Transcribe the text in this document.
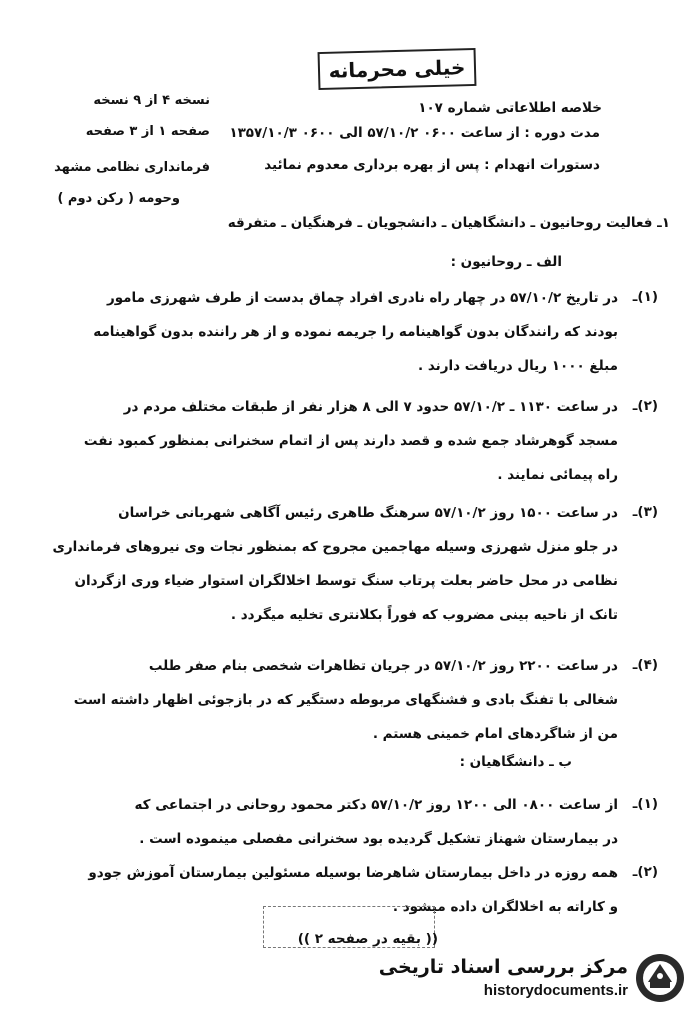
خیلی محرمانه
خلاصه اطلاعاتی شماره ۱۰۷
مدت دوره : از ساعت ۰۶۰۰ ۵۷/۱۰/۲ الی ۰۶۰۰ ۱۳۵۷/۱۰/۳
دستورات انهدام : پس از بهره برداری معدوم نمائید
نسخه ۴ از ۹ نسخه
صفحه ۱ از ۳ صفحه
فرمانداری نظامی مشهد
وحومه ( رکن دوم )
۱ـ فعالیت روحانیون ـ دانشگاهیان ـ دانشجویان ـ فرهنگیان ـ متفرقه
الف ـ روحانیون :
(۱)ـ
در تاریخ ۵۷/۱۰/۲ در چهار راه نادری افراد چماق بدست از طرف شهرزی مامور
بودند که رانندگان بدون گواهینامه را جریمه نموده و از هر راننده بدون گواهینامه
مبلغ ۱۰۰۰ ریال دریافت دارند .
(۲)ـ
در ساعت ۱۱۳۰ ـ ۵۷/۱۰/۲ حدود ۷ الی ۸ هزار نفر از طبقات مختلف مردم در
مسجد گوهرشاد جمع شده و قصد دارند پس از اتمام سخنرانی بمنظور کمبود نفت
راه پیمائی نمایند .
(۳)ـ
در ساعت ۱۵۰۰ روز ۵۷/۱۰/۲ سرهنگ طاهری رئیس آگاهی شهربانی خراسان
در جلو منزل شهرزی وسیله مهاجمین مجروح که بمنظور نجات وی نیروهای فرمانداری
نظامی در محل حاضر بعلت پرتاب سنگ توسط اخلالگران استوار ضیاء وری ازگردان
تانک از ناحیه بینی مضروب که فوراً بکلانتری تخلیه میگردد .
(۴)ـ
در ساعت ۲۲۰۰ روز ۵۷/۱۰/۲ در جریان تظاهرات شخصی بنام صفر طلب
شغالی با تفنگ بادی و فشنگهای مربوطه دستگیر که در بازجوئی اظهار داشته است
من از شاگردهای امام خمینی هستم .
ب ـ دانشگاهیان :
(۱)ـ
از ساعت ۰۸۰۰ الی ۱۲۰۰ روز ۵۷/۱۰/۲ دکتر محمود روحانی در اجتماعی که
در بیمارستان شهناز تشکیل گردیده بود سخنرانی مفصلی مینموده است .
(۲)ـ
همه روزه در داخل بیمارستان شاهرضا بوسیله مسئولین بیمارستان آموزش جودو
و کاراته به اخلالگران داده میشود .
(( بقیه در صفحه ۲ ))
مرکز بررسی اسناد تاریخی
historydocuments.ir
